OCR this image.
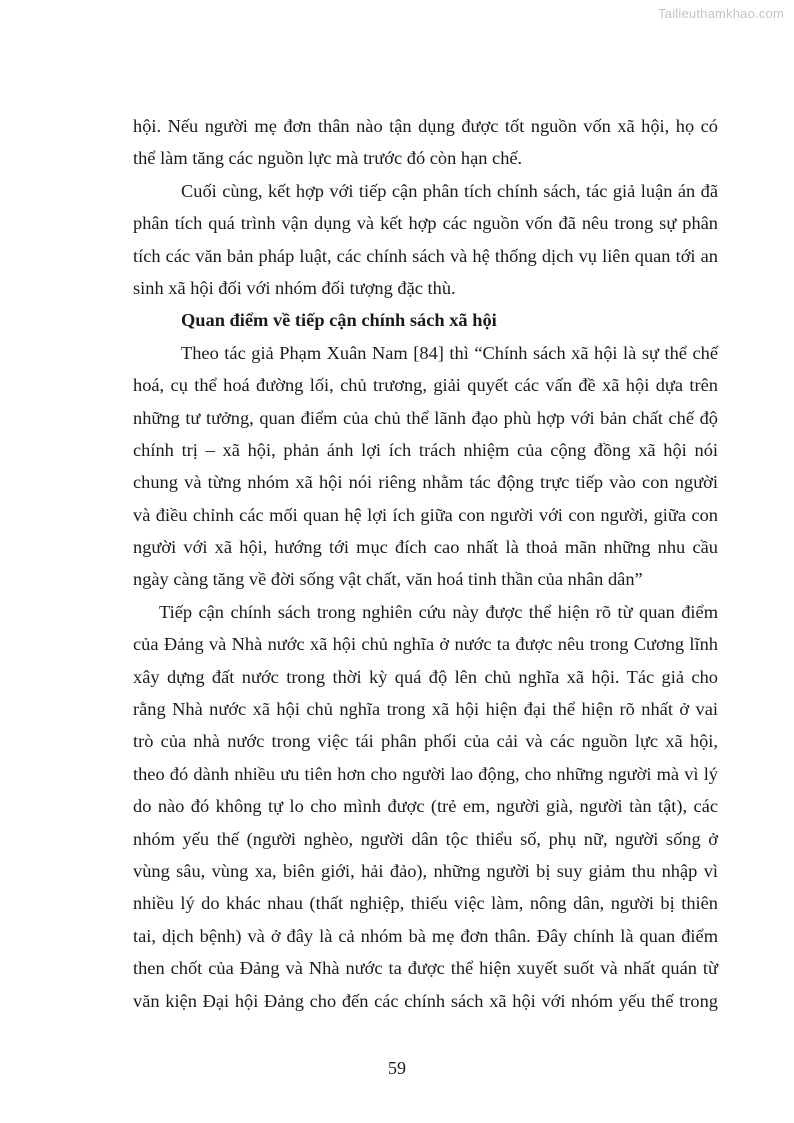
Tailieuthamkhao.com
hội. Nếu người mẹ đơn thân nào tận dụng được tốt nguồn vốn xã hội, họ có
thể làm tăng các nguồn lực mà trước đó còn hạn chế.
Cuối cùng, kết hợp với tiếp cận phân tích chính sách, tác giả luận án đã
phân tích quá trình vận dụng và kết hợp các nguồn vốn đã nêu trong sự phân
tích các văn bản pháp luật, các chính sách và hệ thống dịch vụ liên quan tới an
sinh xã hội đối với nhóm đối tượng đặc thù.
Quan điểm về tiếp cận chính sách xã hội
Theo tác giả Phạm Xuân Nam [84] thì “Chính sách xã hội là sự thể chế
hoá, cụ thể hoá đường lối, chủ trương, giải quyết các vấn đề xã hội dựa trên
những tư tưởng, quan điểm của chủ thể lãnh đạo phù hợp với bản chất chế độ
chính trị – xã hội, phản ánh lợi ích trách nhiệm của cộng đồng xã hội nói
chung và từng nhóm xã hội nói riêng nhằm tác động trực tiếp vào con người
và điều chỉnh các mối quan hệ lợi ích giữa con người với con người, giữa con
người với xã hội, hướng tới mục đích cao nhất là thoả mãn những nhu cầu
ngày càng tăng về đời sống vật chất, văn hoá tinh thần của nhân dân”
Tiếp cận chính sách trong nghiên cứu này được thể hiện rõ từ quan điểm
của Đảng và Nhà nước xã hội chủ nghĩa ở nước ta được nêu trong Cương lĩnh
xây dựng đất nước trong thời kỳ quá độ lên chủ nghĩa xã hội. Tác giả cho
rằng Nhà nước xã hội chủ nghĩa trong xã hội hiện đại thể hiện rõ nhất ở vai
trò của nhà nước trong việc tái phân phối của cải và các nguồn lực xã hội,
theo đó dành nhiều ưu tiên hơn cho người lao động, cho những người mà vì lý
do nào đó không tự lo cho mình được (trẻ em, người già, người tàn tật), các
nhóm yếu thế (người nghèo, người dân tộc thiểu số, phụ nữ, người sống ở
vùng sâu, vùng xa, biên giới, hải đảo), những người bị suy giảm thu nhập vì
nhiều lý do khác nhau (thất nghiệp, thiếu việc làm, nông dân, người bị thiên
tai, dịch bệnh) và ở đây là cả nhóm bà mẹ đơn thân. Đây chính là quan điểm
then chốt của Đảng và Nhà nước ta được thể hiện xuyết suốt và nhất quán từ
văn kiện Đại hội Đảng cho đến các chính sách xã hội với nhóm yếu thế trong
59
